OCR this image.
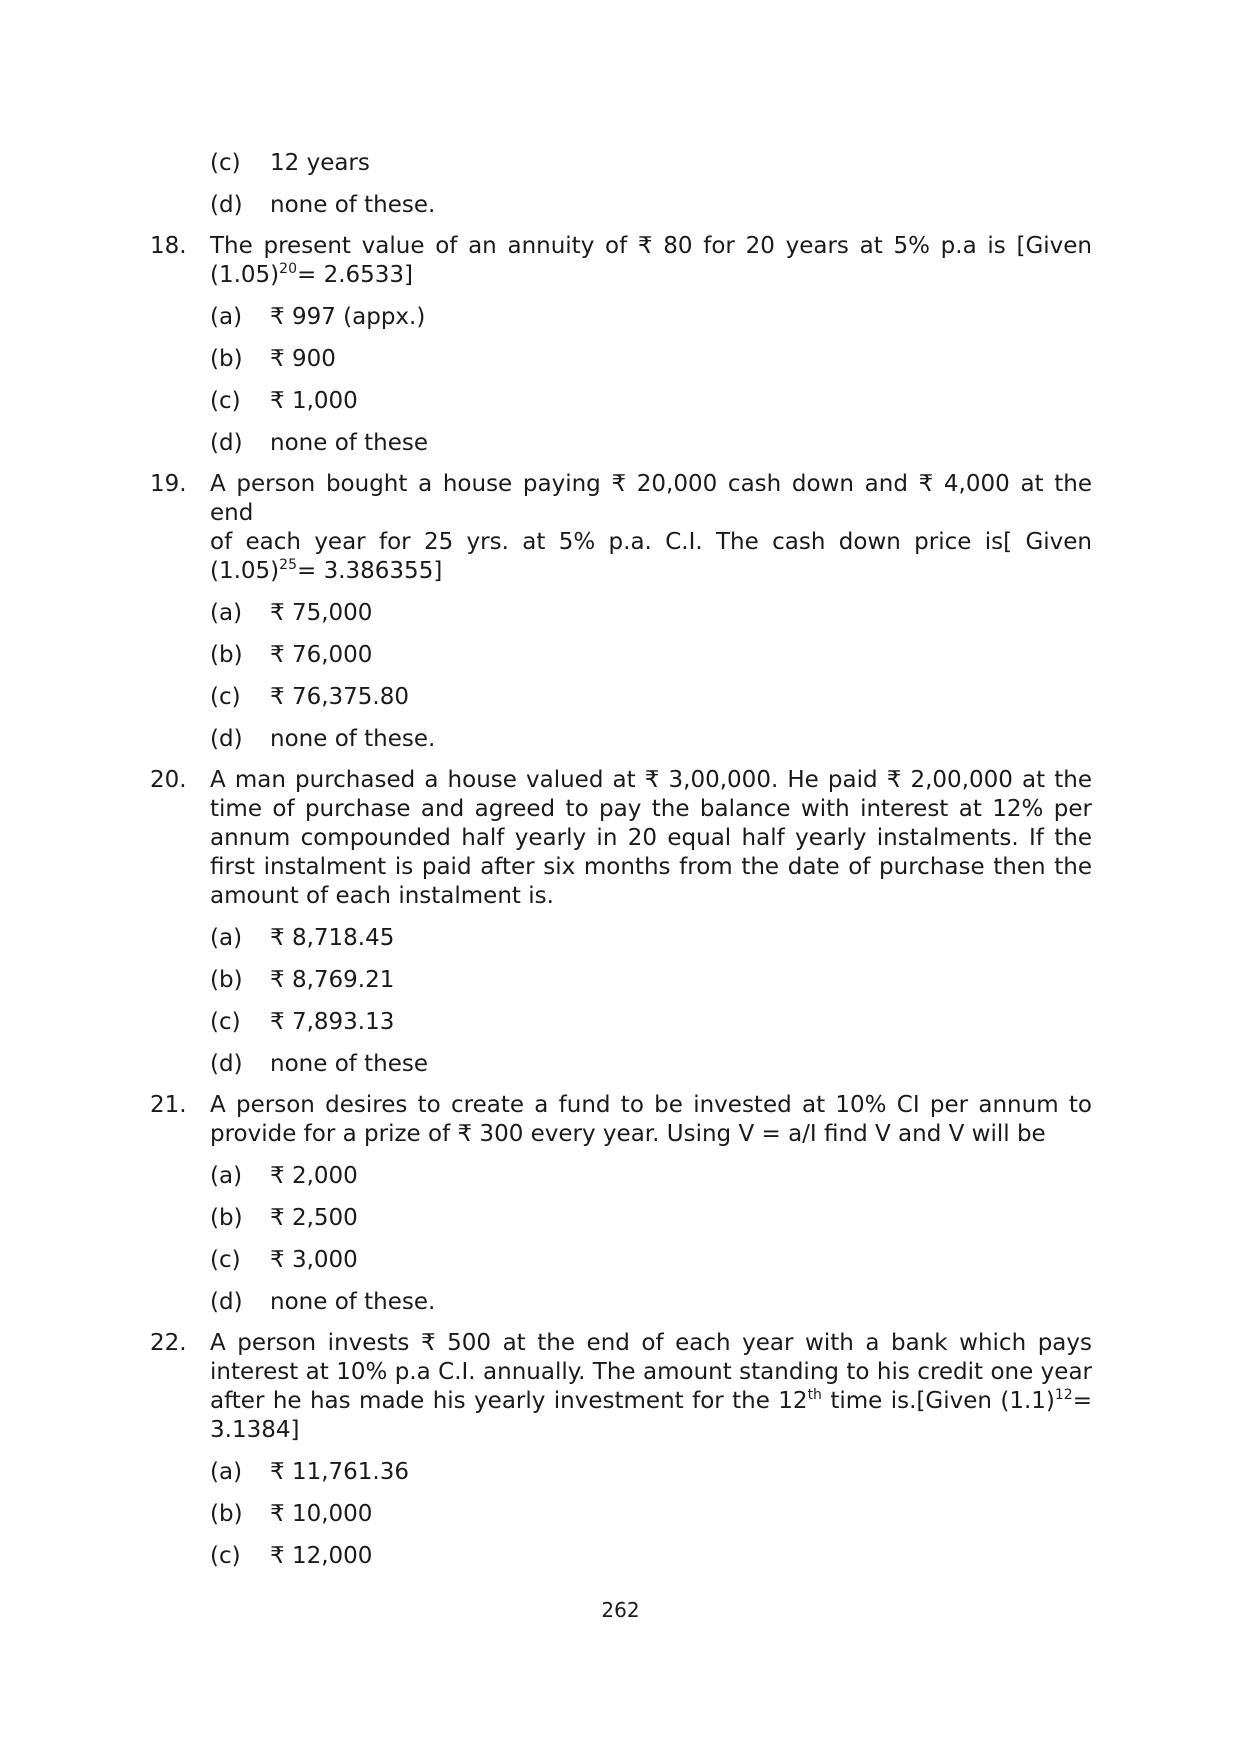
(c)	12 years
(d)	none of these.
18.	The present value of an annuity of ₹ 80 for 20 years at 5% p.a is [Given
$(1.05)^{20}= 2.6533$]
(a)	₹ 997 (appx.)
(b)	₹ 900
(c)	₹ 1,000
(d)	none of these
19.	A person bought a house paying ₹ 20,000 cash down and ₹ 4,000 at the end
of each year for 25 yrs. at 5% p.a. C.I. The cash down price is[ Given
$(1.05)^{25}= 3.386355$]
(a)	₹ 75,000
(b)	₹ 76,000
(c)	₹ 76,375.80
(d)	none of these.
20.	A man purchased a house valued at ₹ 3,00,000. He paid ₹ 2,00,000 at the
time of purchase and agreed to pay the balance with interest at 12% per
annum compounded half yearly in 20 equal half yearly instalments. If the
first instalment is paid after six months from the date of purchase then the
amount of each instalment is.
(a)	₹ 8,718.45
(b)	₹ 8,769.21
(c)	₹ 7,893.13
(d)	none of these
21.	A person desires to create a fund to be invested at 10% CI per annum to
provide for a prize of ₹ 300 every year. Using V = a/I find V and V will be
(a)	₹ 2,000
(b)	₹ 2,500
(c)	₹ 3,000
(d)	none of these.
22.	A person invests ₹ 500 at the end of each year with a bank which pays
interest at 10% p.a C.I. annually. The amount standing to his credit one year
after he has made his yearly investment for the 12th time is.[Given $(1.1)^{12}=$
3.1384]
(a)	₹ 11,761.36
(b)	₹ 10,000
(c)	₹ 12,000
262
